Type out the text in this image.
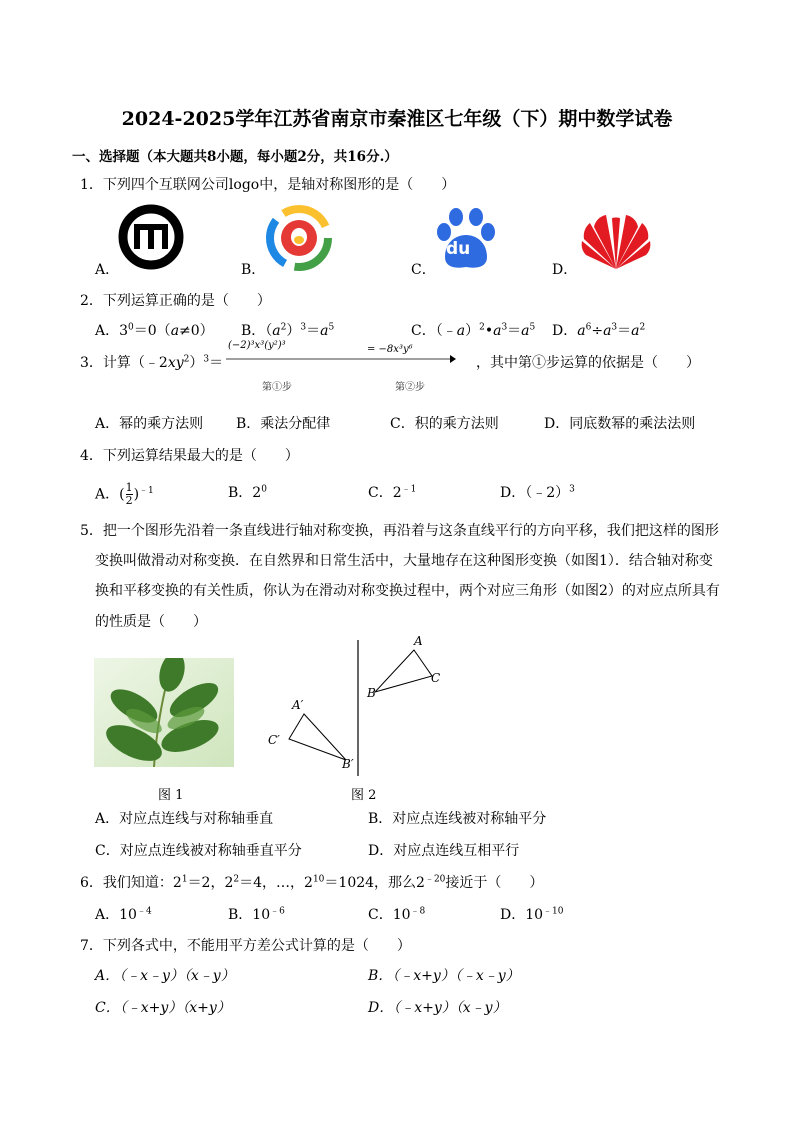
2024-2025学年江苏省南京市秦淮区七年级（下）期中数学试卷
一、选择题（本大题共8小题，每小题2分，共16分.）
1．下列四个互联网公司logo中，是轴对称图形的是（　　）
A．	B．	C．
du
D．
2．下列运算正确的是（　　）
A．$3^0=0(a\ne 0)$ B．$(a^2)^3=a^5$	C．$(﹣a)^2•a^3=a^5$ D．$a^6\div a^3=a^2$
3．计算$(﹣2xy^2)^3=$
(−2)³x³(y²)³	= −8x³y⁶
第①步	第②步
，其中第①步运算的依据是（　　）
A．幂的乘方法则 B．乘法分配律	C．积的乘方法则	D．同底数幂的乘法法则
4．下列运算结果最大的是（　　）
A．( $\frac{1}{2} )^{﹣1}$	B．$2^0$	C．$2^{﹣1}$	D．（﹣2）$^3$
5．把一个图形先沿着一条直线进行轴对称变换，再沿着与这条直线平行的方向平移，我们把这样的图形
变换叫做滑动对称变换．在自然界和日常生活中，大量地存在这种图形变换（如图1）．结合轴对称变
换和平移变换的有关性质，你认为在滑动对称变换过程中，两个对应三角形（如图2）的对应点所具有
的性质是（　　）
A
B
C
A′
C′
B′
图 1	图 2
A．对应点连线与对称轴垂直	B．对应点连线被对称轴平分
C．对应点连线被对称轴垂直平分	D．对应点连线互相平行
6．我们知道：$2^1=2$，$2^2=4$，…，$2^{10}=1024$，那么$2^{﹣20}$接近于（　　）
A．$10^{﹣4}$	B．$10^{﹣6}$	C．$10^{﹣8}$	D．$10^{﹣10}$
7．下列各式中，不能用平方差公式计算的是（　　）
A．（﹣x﹣y）（x﹣y）	B．（﹣x+y）（﹣x﹣y）
C．（﹣x+y）（x+y）	D．（﹣x+y）（x﹣y）
